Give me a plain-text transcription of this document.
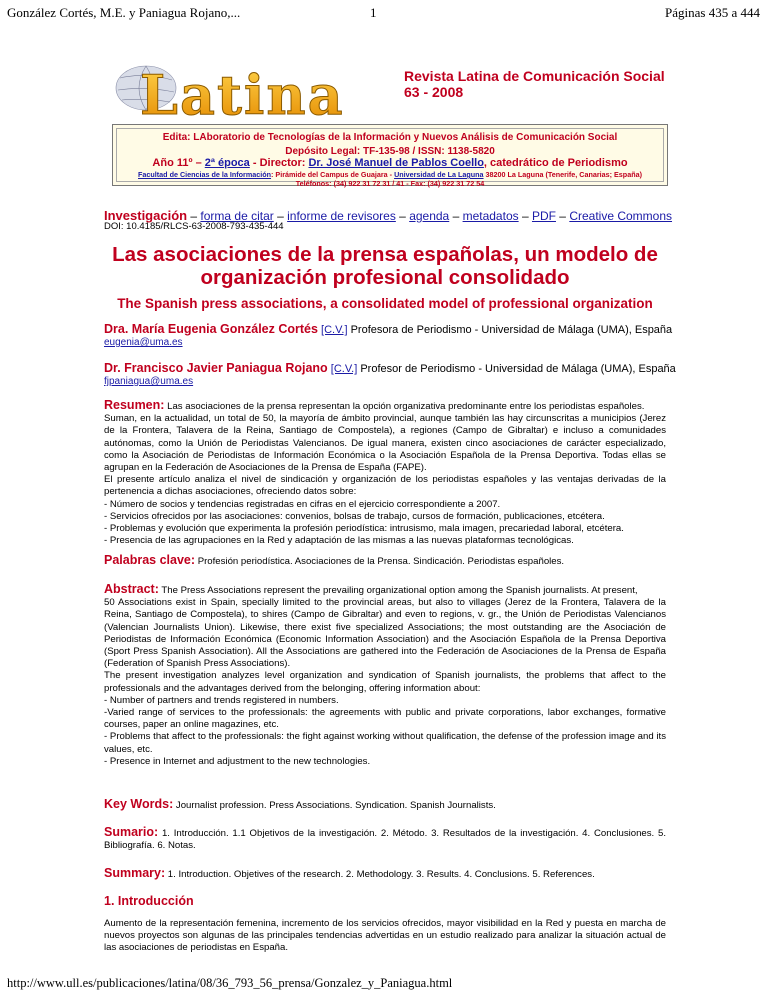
González Cortés, M.E. y Paniagua Rojano,...	1	Páginas 435 a 444
Latina	Revista Latina de Comunicación Social
63 - 2008
Edita: LAboratorio de Tecnologías de la Información y Nuevos Análisis de Comunicación Social
Depósito Legal: TF-135-98 / ISSN: 1138-5820
Año 11º – 2ª época - Director: Dr. José Manuel de Pablos Coello, catedrático de Periodismo
Facultad de Ciencias de la Información: Pirámide del Campus de Guajara - Universidad de La Laguna 38200 La Laguna (Tenerife, Canarias; España)
Teléfonos: (34) 922 31 72 31 / 41 - Fax: (34) 922 31 72 54
Investigación – forma de citar – informe de revisores – agenda – metadatos – PDF – Creative Commons
DOI: 10.4185/RLCS-63-2008-793-435-444
Las asociaciones de la prensa españolas, un modelo de organización profesional consolidado
The Spanish press associations, a consolidated model of professional organization
Dra. María Eugenia González Cortés [C.V.] Profesora de Periodismo - Universidad de Málaga (UMA), España
eugenia@uma.es
Dr. Francisco Javier Paniagua Rojano [C.V.] Profesor de Periodismo - Universidad de Málaga (UMA), España
fjpaniagua@uma.es
Resumen: Las asociaciones de la prensa representan la opción organizativa predominante entre los periodistas españoles.
Suman, en la actualidad, un total de 50, la mayoría de ámbito provincial, aunque también las hay circunscritas a municipios (Jerez de la Frontera, Talavera de la Reina, Santiago de Compostela), a regiones (Campo de Gibraltar) e incluso a comunidades autónomas, como la Unión de Periodistas Valencianos. De igual manera, existen cinco asociaciones de carácter especializado, como la Asociación de Periodistas de Información Económica o la Asociación Española de la Prensa Deportiva. Todas ellas se agrupan en la Federación de Asociaciones de la Prensa de España (FAPE).
El presente artículo analiza el nivel de sindicación y organización de los periodistas españoles y las ventajas derivadas de la pertenencia a dichas asociaciones, ofreciendo datos sobre:
- Número de socios y tendencias registradas en cifras en el ejercicio correspondiente a 2007.
- Servicios ofrecidos por las asociaciones: convenios, bolsas de trabajo, cursos de formación, publicaciones, etcétera.
- Problemas y evolución que experimenta la profesión periodística: intrusismo, mala imagen, precariedad laboral, etcétera.
- Presencia de las agrupaciones en la Red y adaptación de las mismas a las nuevas plataformas tecnológicas.
Palabras clave: Profesión periodística. Asociaciones de la Prensa. Sindicación. Periodistas españoles.
Abstract: The Press Associations represent the prevailing organizational option among the Spanish journalists. At present,
50 Associations exist in Spain, specially limited to the provincial areas, but also to villages (Jerez de la Frontera, Talavera de la Reina, Santiago de Compostela), to shires (Campo de Gibraltar) and even to regions, v. gr., the Unión de Periodistas Valencianos (Valencian Journalists Union). Likewise, there exist five specialized Associations; the most outstanding are the Asociación de Periodistas de Información Económica (Economic Information Association) and the Asociación Española de la Prensa Deportiva (Sport Press Spanish Association). All the Associations are gathered into the Federación de Asociaciones de la Prensa de España (Federation of Spanish Press Associations).
The present investigation analyzes level organization and syndication of Spanish journalists, the problems that affect to the professionals and the advantages derived from the belonging, offering information about:
- Number of partners and trends registered in numbers.
-Varied range of services to the professionals: the agreements with public and private corporations, labor exchanges, formative courses, paper an online magazines, etc.
- Problems that affect to the professionals: the fight against working without qualification, the defense of the profession image and its values, etc.
- Presence in Internet and adjustment to the new technologies.
Key Words: Journalist profession. Press Associations. Syndication. Spanish Journalists.
Sumario: 1. Introducción. 1.1 Objetivos de la investigación. 2. Método. 3. Resultados de la investigación. 4. Conclusiones. 5. Bibliografía. 6. Notas.
Summary: 1. Introduction. Objetives of the research. 2. Methodology. 3. Results. 4. Conclusions. 5. References.
1. Introducción
Aumento de la representación femenina, incremento de los servicios ofrecidos, mayor visibilidad en la Red y puesta en marcha de nuevos proyectos son algunas de las principales tendencias advertidas en un estudio realizado para analizar la situación actual de las asociaciones de periodistas en España.
http://www.ull.es/publicaciones/latina/08/36_793_56_prensa/Gonzalez_y_Paniagua.html
